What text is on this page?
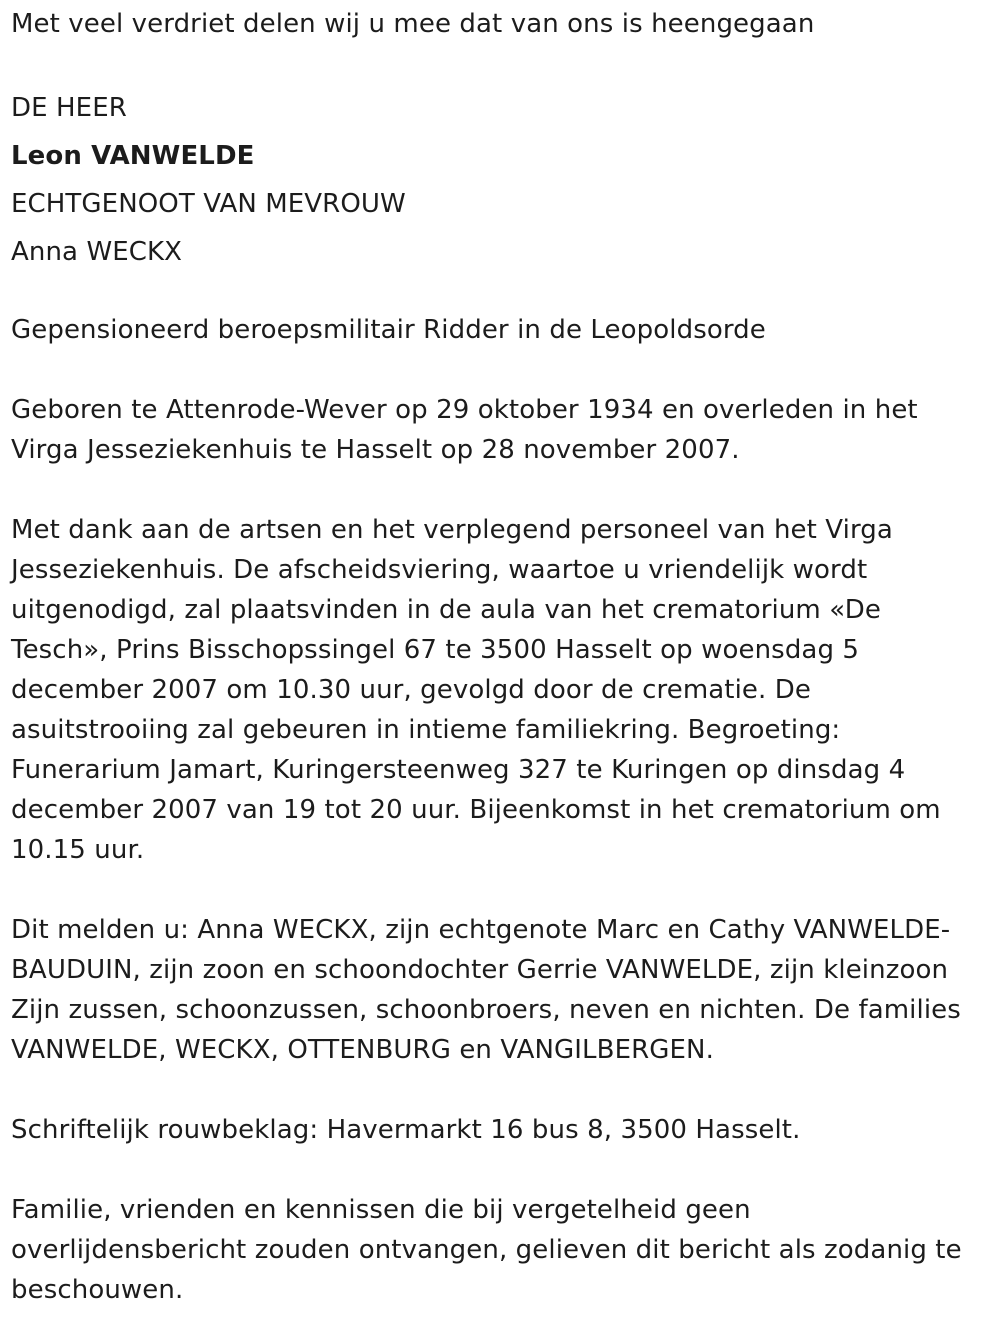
Met veel verdriet delen wij u mee dat van ons is heengegaan

DE HEER

Leon VANWELDE

ECHTGENOOT VAN MEVROUW

Anna WECKX

Gepensioneerd beroepsmilitair Ridder in de Leopoldsorde

Geboren te Attenrode-Wever op 29 oktober 1934 en overleden in het
Virga Jesseziekenhuis te Hasselt op 28 november 2007.

Met dank aan de artsen en het verplegend personeel van het Virga
Jesseziekenhuis. De afscheidsviering, waartoe u vriendelijk wordt
uitgenodigd, zal plaatsvinden in de aula van het crematorium «De
Tesch», Prins Bisschopssingel 67 te 3500 Hasselt op woensdag 5
december 2007 om 10.30 uur, gevolgd door de crematie. De
asuitstrooiing zal gebeuren in intieme familiekring. Begroeting:
Funerarium Jamart, Kuringersteenweg 327 te Kuringen op dinsdag 4
december 2007 van 19 tot 20 uur. Bijeenkomst in het crematorium om
10.15 uur.

Dit melden u: Anna WECKX, zijn echtgenote Marc en Cathy VANWELDE-
BAUDUIN, zijn zoon en schoondochter Gerrie VANWELDE, zijn kleinzoon
Zijn zussen, schoonzussen, schoonbroers, neven en nichten. De families
VANWELDE, WECKX, OTTENBURG en VANGILBERGEN.

Schriftelijk rouwbeklag: Havermarkt 16 bus 8, 3500 Hasselt.

Familie, vrienden en kennissen die bij vergetelheid geen
overlijdensbericht zouden ontvangen, gelieven dit bericht als zodanig te
beschouwen.
